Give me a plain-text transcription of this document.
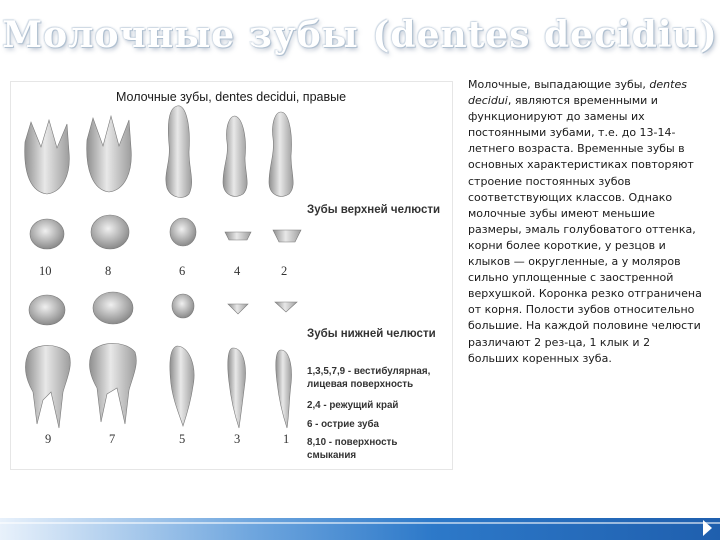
Молочные зубы (dentes decidiu)
Молочные зубы, dentes decidui, правые
Зубы верхней челюсти
Зубы нижней челюсти
10	8	6	4	2
9	7	5	3	1
1,3,5,7,9 - вестибулярная,
лицевая поверхность
2,4 - режущий край
6 - острие зуба
8,10 - поверхность
смыкания
Молочные, выпадающие зубы, dentes decidui, являются временными и функционируют до замены их постоянными зубами, т.е. до 13-14-летнего возраста. Временные зубы в основных характеристиках повторяют строение постоянных зубов соответствующих классов. Однако молочные зубы имеют меньшие размеры, эмаль голубоватого оттенка, корни более короткие, у резцов и клыков — округленные, а у моляров сильно уплощенные с заостренной верхушкой. Коронка резко отграничена от корня. Полости зубов относительно большие. На каждой половине челюсти различают 2 рез-ца, 1 клык и 2 больших коренных зуба.
